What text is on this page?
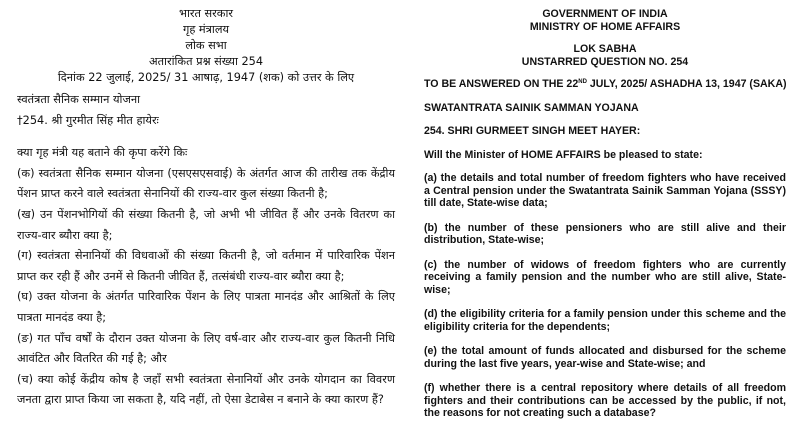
भारत सरकार
गृह मंत्रालय
लोक सभा
अतारांकित प्रश्न संख्या 254
दिनांक 22 जुलाई, 2025/ 31 आषाढ़, 1947 (शक) को उत्तर के लिए
स्वतंत्रता सैनिक सम्मान योजना
†254. श्री गुरमीत सिंह मीत हायेरः
क्या गृह मंत्री यह बताने की कृपा करेंगे किः
(क) स्वतंत्रता सैनिक सम्मान योजना (एसएसएसवाई) के अंतर्गत आज की तारीख तक केंद्रीय पेंशन प्राप्त करने वाले स्वतंत्रता सेनानियों की राज्य-वार कुल संख्या कितनी है;
(ख) उन पेंशनभोगियों की संख्या कितनी है, जो अभी भी जीवित हैं और उनके वितरण का राज्य-वार ब्यौरा क्या है;
(ग) स्वतंत्रता सेनानियों की विधवाओं की संख्या कितनी है, जो वर्तमान में पारिवारिक पेंशन प्राप्त कर रही हैं और उनमें से कितनी जीवित हैं, तत्संबंधी राज्य-वार ब्यौरा क्या है;
(घ) उक्त योजना के अंतर्गत पारिवारिक पेंशन के लिए पात्रता मानदंड और आश्रितों के लिए पात्रता मानदंड क्या है;
(ङ) गत पाँच वर्षों के दौरान उक्त योजना के लिए वर्ष-वार और राज्य-वार कुल कितनी निधि आवंटित और वितरित की गई है; और
(च) क्या कोई केंद्रीय कोष है जहाँ सभी स्वतंत्रता सेनानियों और उनके योगदान का विवरण जनता द्वारा प्राप्त किया जा सकता है, यदि नहीं, तो ऐसा डेटाबेस न बनाने के क्या कारण हैं?
GOVERNMENT OF INDIA
MINISTRY OF HOME AFFAIRS
LOK SABHA
UNSTARRED QUESTION NO. 254
TO BE ANSWERED ON THE 22ND JULY, 2025/ ASHADHA 13, 1947 (SAKA)
SWATANTRATA SAINIK SAMMAN YOJANA
254. SHRI GURMEET SINGH MEET HAYER:
Will the Minister of HOME AFFAIRS be pleased to state:
(a) the details and total number of freedom fighters who have received a Central pension under the Swatantrata Sainik Samman Yojana (SSSY) till date, State-wise data;
(b) the number of these pensioners who are still alive and their distribution, State-wise;
(c) the number of widows of freedom fighters who are currently receiving a family pension and the number who are still alive, State-wise;
(d) the eligibility criteria for a family pension under this scheme and the eligibility criteria for the dependents;
(e) the total amount of funds allocated and disbursed for the scheme during the last five years, year-wise and State-wise; and
(f) whether there is a central repository where details of all freedom fighters and their contributions can be accessed by the public, if not, the reasons for not creating such a database?
